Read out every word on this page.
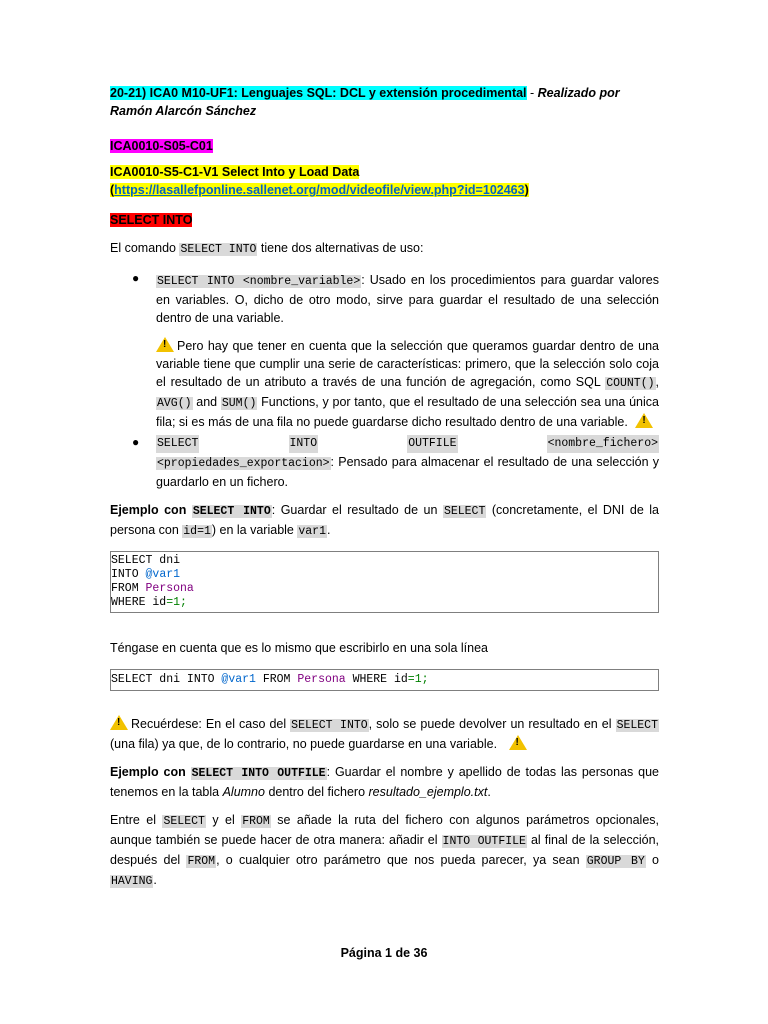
20-21) ICA0 M10-UF1: Lenguajes SQL: DCL y extensión procedimental - Realizado por Ramón Alarcón Sánchez

ICA0010-S05-C01

ICA0010-S5-C1-V1 Select Into y Load Data
(https://lasallefponline.sallenet.org/mod/videofile/view.php?id=102463)

SELECT INTO

El comando SELECT INTO tiene dos alternativas de uso:

● SELECT INTO <nombre_variable>: Usado en los procedimientos para guardar valores en variables. O, dicho de otro modo, sirve para guardar el resultado de una selección dentro de una variable.

!Pero hay que tener en cuenta que la selección que queramos guardar dentro de una variable tiene que cumplir una serie de características: primero, que la selección solo coja el resultado de un atributo a través de una función de agregación, como SQL COUNT(), AVG() and SUM() Functions, y por tanto, que el resultado de una selección sea una única fila; si es más de una fila no puede guardarse dicho resultado dentro de una variable. !

● SELECT	INTO	OUTFILE	<nombre_fichero>

<propiedades_exportacion>: Pensado para almacenar el resultado de una selección y guardarlo en un fichero.

Ejemplo con SELECT INTO: Guardar el resultado de un SELECT (concretamente, el DNI de la persona con id=1) en la variable var1.

SELECT dni
INTO @var1
FROM Persona
WHERE id=1;

Téngase en cuenta que es lo mismo que escribirlo en una sola línea

SELECT dni INTO @var1 FROM Persona WHERE id=1;

!Recuérdese: En el caso del SELECT INTO, solo se puede devolver un resultado en el SELECT (una fila) ya que, de lo contrario, no puede guardarse en una variable. !

Ejemplo con SELECT INTO OUTFILE: Guardar el nombre y apellido de todas las personas que tenemos en la tabla Alumno dentro del fichero resultado_ejemplo.txt.

Entre el SELECT y el FROM se añade la ruta del fichero con algunos parámetros opcionales, aunque también se puede hacer de otra manera: añadir el INTO OUTFILE al final de la selección, después del FROM, o cualquier otro parámetro que nos pueda parecer, ya sean GROUP BY o HAVING.

Página 1 de 36
